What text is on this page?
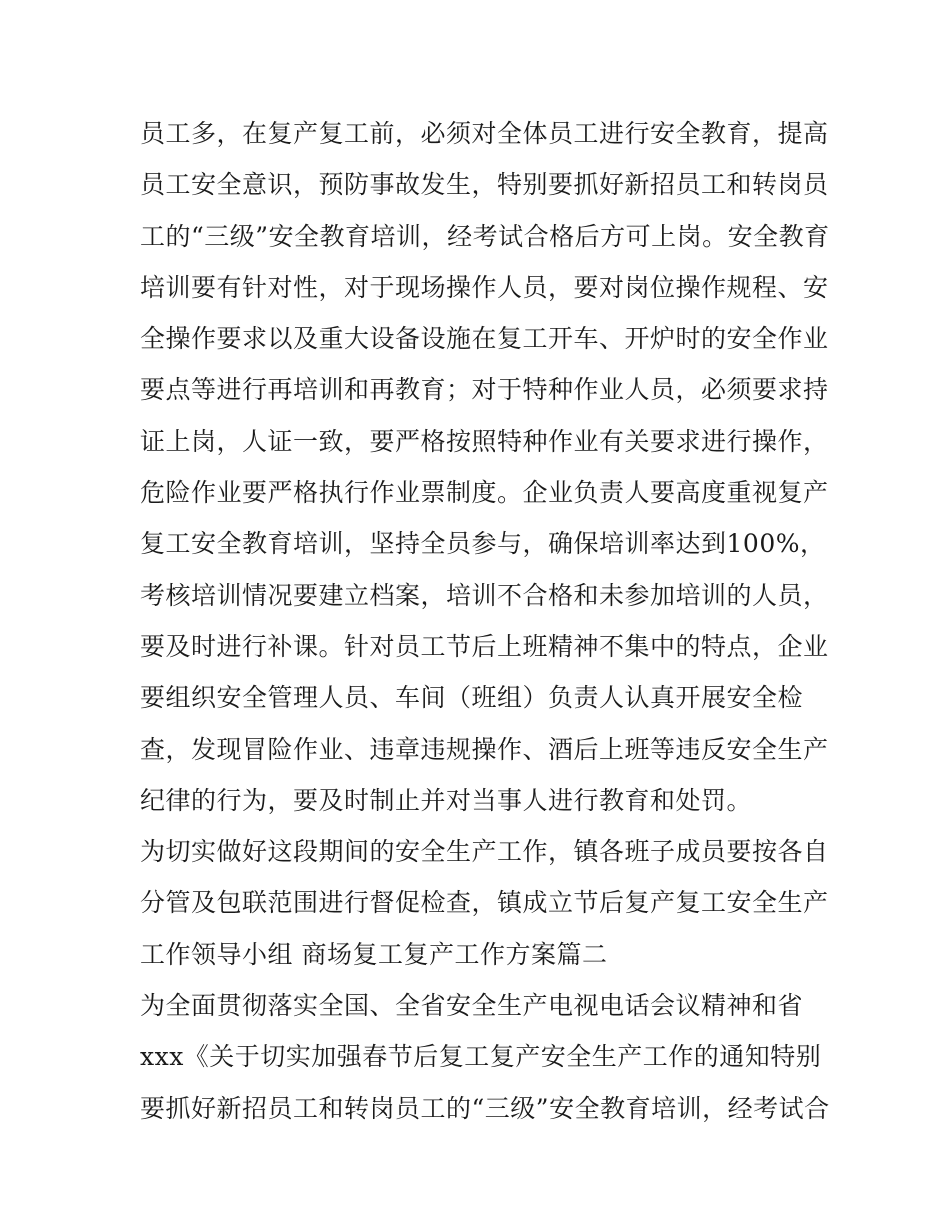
员工多，在复产复工前，必须对全体员工进行安全教育，提高
员工安全意识，预防事故发生，特别要抓好新招员工和转岗员
工的“三级”安全教育培训，经考试合格后方可上岗。安全教育
培训要有针对性，对于现场操作人员，要对岗位操作规程、安
全操作要求以及重大设备设施在复工开车、开炉时的安全作业
要点等进行再培训和再教育；对于特种作业人员，必须要求持
证上岗，人证一致，要严格按照特种作业有关要求进行操作，
危险作业要严格执行作业票制度。企业负责人要高度重视复产
复工安全教育培训，坚持全员参与，确保培训率达到100%，
考核培训情况要建立档案，培训不合格和未参加培训的人员，
要及时进行补课。针对员工节后上班精神不集中的特点，企业
要组织安全管理人员、车间（班组）负责人认真开展安全检
查，发现冒险作业、违章违规操作、酒后上班等违反安全生产
纪律的行为，要及时制止并对当事人进行教育和处罚。
为切实做好这段期间的安全生产工作，镇各班子成员要按各自
分管及包联范围进行督促检查，镇成立节后复产复工安全生产
工作领导小组 商场复工复产工作方案篇二
为全面贯彻落实全国、全省安全生产电视电话会议精神和省
xxx《关于切实加强春节后复工复产安全生产工作的通知特别
要抓好新招员工和转岗员工的“三级”安全教育培训，经考试合
